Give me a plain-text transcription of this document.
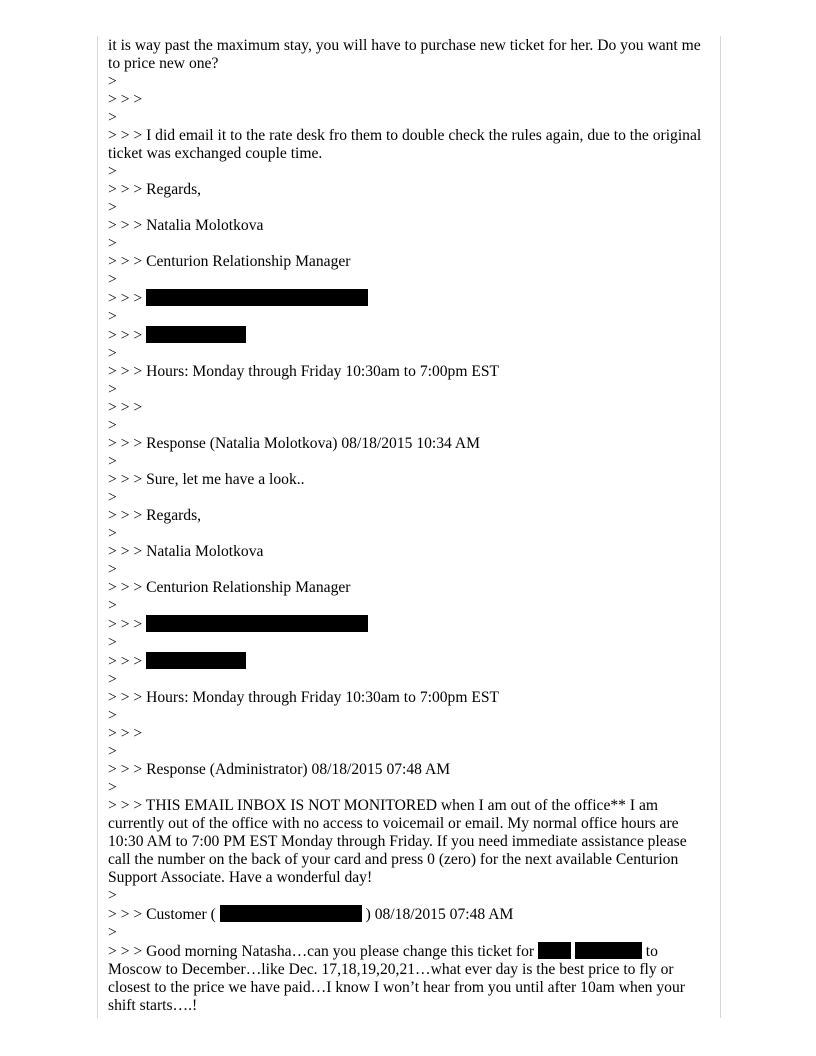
it is way past the maximum stay, you will have to purchase new ticket for her. Do you want me to price new one?
>
> > >
>
> > > I did email it to the rate desk fro them to double check the rules again, due to the original ticket was exchanged couple time.
>
> > > Regards,
>
> > > Natalia Molotkova
>
> > > Centurion Relationship Manager
>
> > >
>
> > >
>
> > > Hours: Monday through Friday 10:30am to 7:00pm EST
>
> > >
>
> > > Response (Natalia Molotkova) 08/18/2015 10:34 AM
>
> > > Sure, let me have a look..
>
> > > Regards,
>
> > > Natalia Molotkova
>
> > > Centurion Relationship Manager
>
> > >
>
> > >
>
> > > Hours: Monday through Friday 10:30am to 7:00pm EST
>
> > >
>
> > > Response (Administrator) 08/18/2015 07:48 AM
>
> > > THIS EMAIL INBOX IS NOT MONITORED when I am out of the office** I am currently out of the office with no access to voicemail or email. My normal office hours are 10:30 AM to 7:00 PM EST Monday through Friday. If you need immediate assistance please call the number on the back of your card and press 0 (zero) for the next available Centurion Support Associate. Have a wonderful day!
>
> > > Customer (	) 08/18/2015 07:48 AM
>
> > > Good morning Natasha…can you please change this ticket for	to Moscow to December…like Dec. 17,18,19,20,21…what ever day is the best price to fly or closest to the price we have paid…I know I won’t hear from you until after 10am when your shift starts….!
